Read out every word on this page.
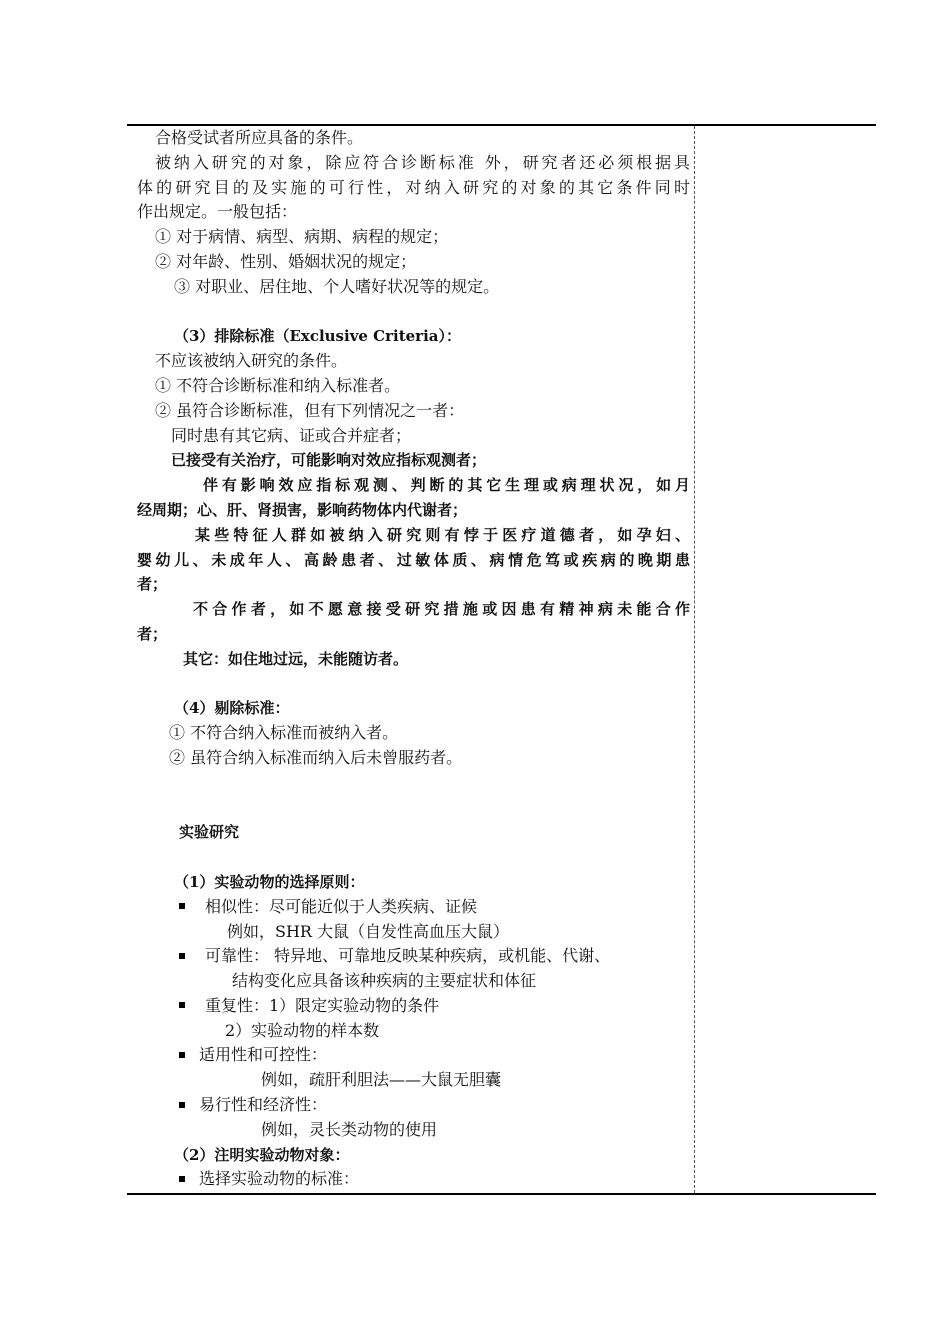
合格受试者所应具备的条件。
被纳入研究的对象，除应符合诊断标准 外，研究者还必须根据具
体的研究目的及实施的可行性，对纳入研究的对象的其它条件同时
作出规定。一般包括：
① 对于病情、病型、病期、病程的规定；
② 对年龄、性别、婚姻状况的规定；
③ 对职业、居住地、个人嗜好状况等的规定。
（3）排除标准（Exclusive Criteria）：
不应该被纳入研究的条件。
① 不符合诊断标准和纳入标准者。
② 虽符合诊断标准，但有下列情况之一者：
同时患有其它病、证或合并症者；
已接受有关治疗，可能影响对效应指标观测者；
伴有影响效应指标观测、判断的其它生理或病理状况，如月
经周期；心、肝、肾损害，影响药物体内代谢者；
某些特征人群如被纳入研究则有悖于医疗道德者，如孕妇、
婴幼儿、未成年人、高龄患者、过敏体质、病情危笃或疾病的晚期患
者；
不合作者，如不愿意接受研究措施或因患有精神病未能合作
者；
其它：如住地过远，未能随访者。
（4）剔除标准：
① 不符合纳入标准而被纳入者。
② 虽符合纳入标准而纳入后未曾服药者。
实验研究
（1）实验动物的选择原则：
相似性：尽可能近似于人类疾病、证候
例如，SHR 大鼠（自发性高血压大鼠）
可靠性： 特异地、可靠地反映某种疾病，或机能、代谢、
结构变化应具备该种疾病的主要症状和体征
重复性：1）限定实验动物的条件
2）实验动物的样本数
适用性和可控性：
例如，疏肝利胆法——大鼠无胆囊
易行性和经济性：
例如，灵长类动物的使用
（2）注明实验动物对象：
选择实验动物的标准：
